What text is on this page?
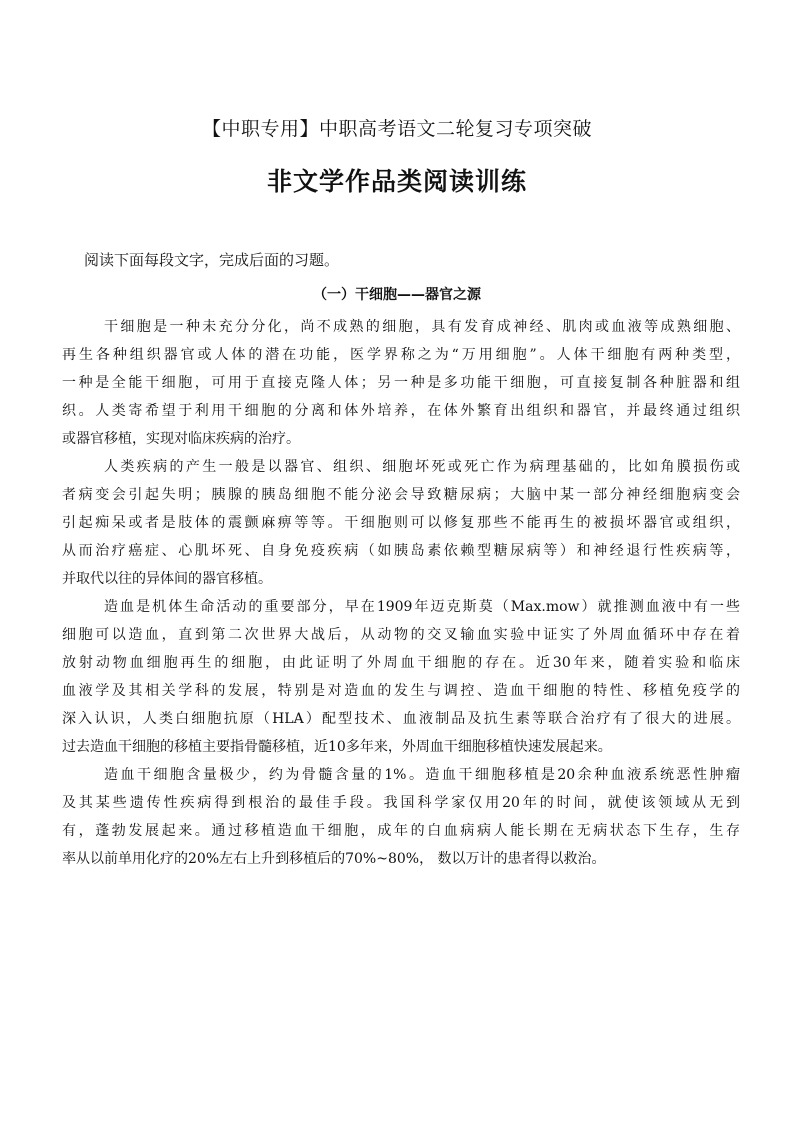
【中职专用】中职高考语文二轮复习专项突破
非文学作品类阅读训练
阅读下面每段文字，完成后面的习题。
（一）干细胞——器官之源
干细胞是一种未充分分化，尚不成熟的细胞，具有发育成神经、肌肉或血液等成熟细胞、
再生各种组织器官或人体的潜在功能，医学界称之为“万用细胞”。人体干细胞有两种类型，
一种是全能干细胞，可用于直接克隆人体；另一种是多功能干细胞，可直接复制各种脏器和组
织。人类寄希望于利用干细胞的分离和体外培养，在体外繁育出组织和器官，并最终通过组织
或器官移植，实现对临床疾病的治疗。
人类疾病的产生一般是以器官、组织、细胞坏死或死亡作为病理基础的，比如角膜损伤或
者病变会引起失明；胰腺的胰岛细胞不能分泌会导致糖尿病；大脑中某一部分神经细胞病变会
引起痴呆或者是肢体的震颤麻痹等等。干细胞则可以修复那些不能再生的被损坏器官或组织，
从而治疗癌症、心肌坏死、自身免疫疾病（如胰岛素依赖型糖尿病等）和神经退行性疾病等，
并取代以往的异体间的器官移植。
造血是机体生命活动的重要部分，早在1909年迈克斯莫（Max.mow）就推测血液中有一些
细胞可以造血，直到第二次世界大战后，从动物的交叉输血实验中证实了外周血循环中存在着
放射动物血细胞再生的细胞，由此证明了外周血干细胞的存在。近30年来，随着实验和临床
血液学及其相关学科的发展，特别是对造血的发生与调控、造血干细胞的特性、移植免疫学的
深入认识，人类白细胞抗原（HLA）配型技术、血液制品及抗生素等联合治疗有了很大的进展。
过去造血干细胞的移植主要指骨髓移植，近10多年来，外周血干细胞移植快速发展起来。
造血干细胞含量极少，约为骨髓含量的1%。造血干细胞移植是20余种血液系统恶性肿瘤
及其某些遗传性疾病得到根治的最佳手段。我国科学家仅用20年的时间，就使该领域从无到
有，蓬勃发展起来。通过移植造血干细胞，成年的白血病病人能长期在无病状态下生存，生存
率从以前单用化疗的20%左右上升到移植后的70%~80%， 数以万计的患者得以救治。
